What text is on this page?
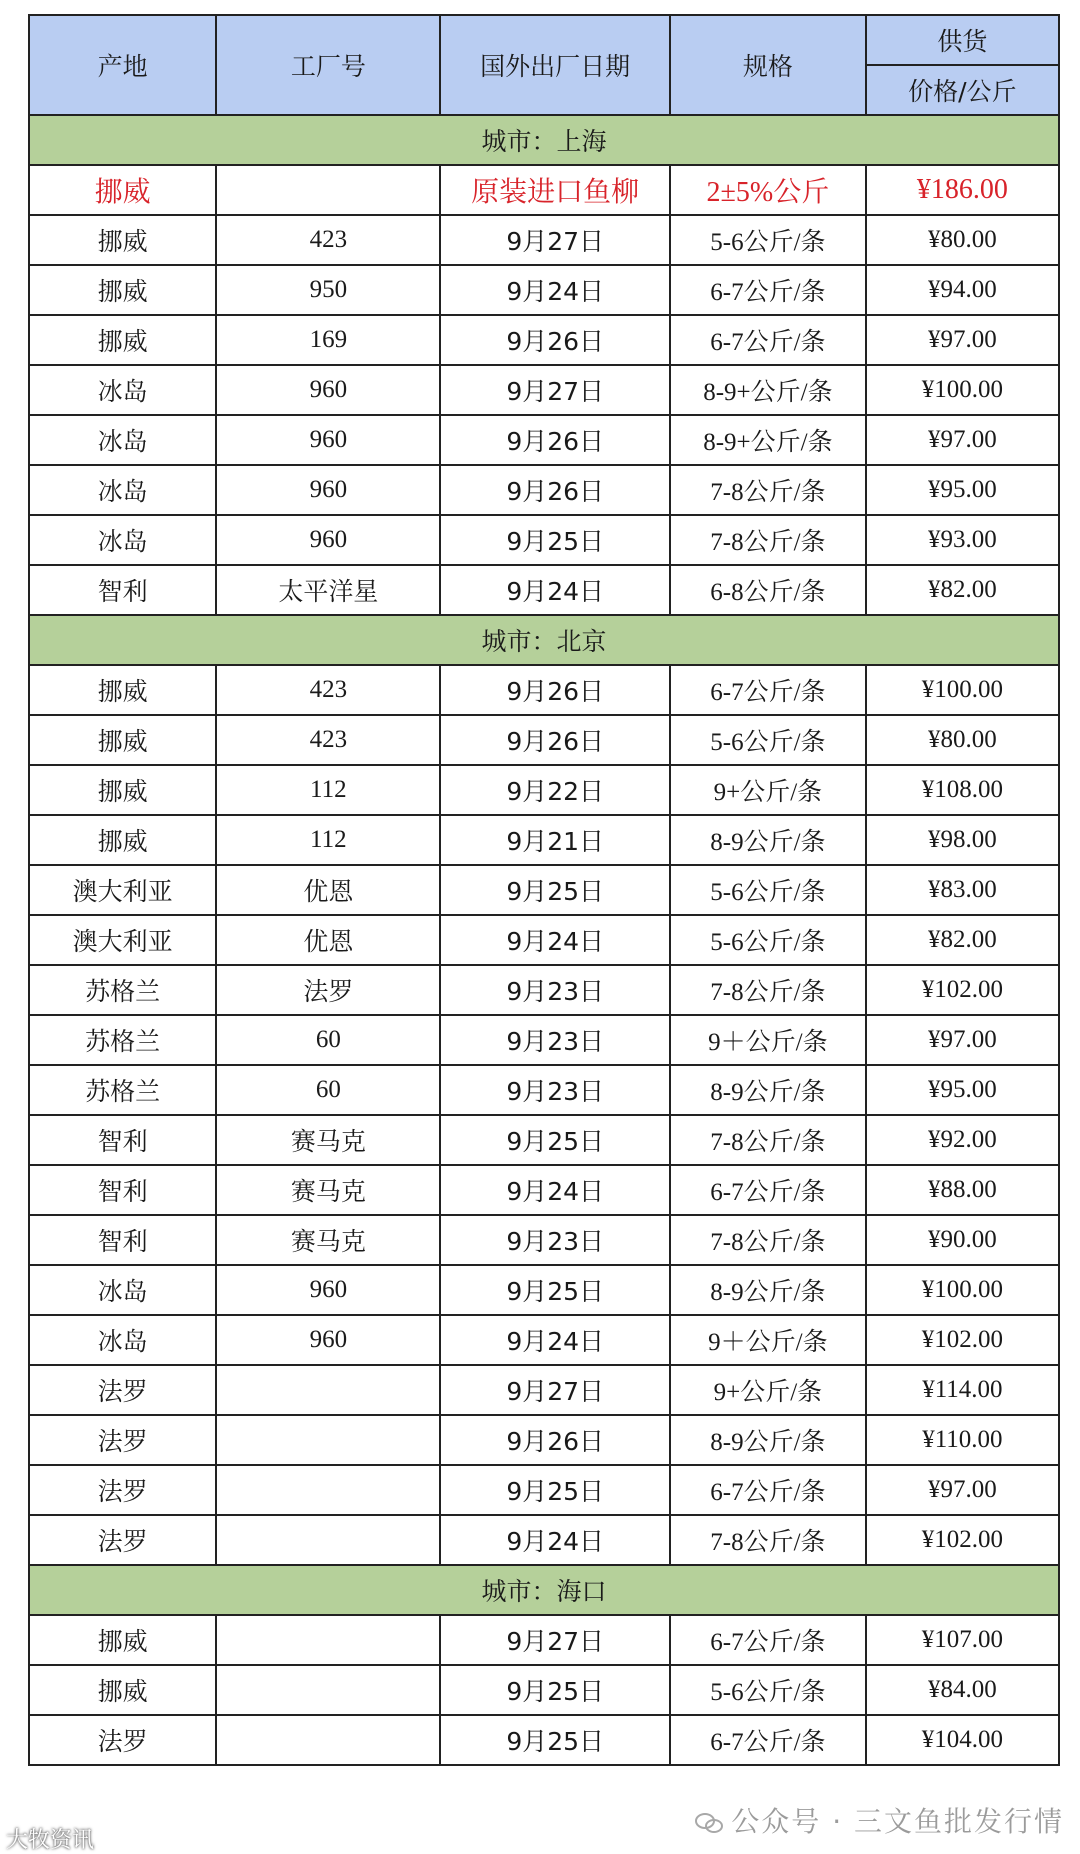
产地	工厂号	国外出厂日期	规格	供货
				价格/公斤
城市：上海				
挪威		原装进口鱼柳	2±5%公斤	¥186.00
挪威	423	9月27日	5-6公斤/条	¥80.00
挪威	950	9月24日	6-7公斤/条	¥94.00
挪威	169	9月26日	6-7公斤/条	¥97.00
冰岛	960	9月27日	8-9+公斤/条	¥100.00
冰岛	960	9月26日	8-9+公斤/条	¥97.00
冰岛	960	9月26日	7-8公斤/条	¥95.00
冰岛	960	9月25日	7-8公斤/条	¥93.00
智利	太平洋星	9月24日	6-8公斤/条	¥82.00
城市：北京				
挪威	423	9月26日	6-7公斤/条	¥100.00
挪威	423	9月26日	5-6公斤/条	¥80.00
挪威	112	9月22日	9+公斤/条	¥108.00
挪威	112	9月21日	8-9公斤/条	¥98.00
澳大利亚	优恩	9月25日	5-6公斤/条	¥83.00
澳大利亚	优恩	9月24日	5-6公斤/条	¥82.00
苏格兰	法罗	9月23日	7-8公斤/条	¥102.00
苏格兰	60	9月23日	9＋公斤/条	¥97.00
苏格兰	60	9月23日	8-9公斤/条	¥95.00
智利	赛马克	9月25日	7-8公斤/条	¥92.00
智利	赛马克	9月24日	6-7公斤/条	¥88.00
智利	赛马克	9月23日	7-8公斤/条	¥90.00
冰岛	960	9月25日	8-9公斤/条	¥100.00
冰岛	960	9月24日	9＋公斤/条	¥102.00
法罗		9月27日	9+公斤/条	¥114.00
法罗		9月26日	8-9公斤/条	¥110.00
法罗		9月25日	6-7公斤/条	¥97.00
法罗		9月24日	7-8公斤/条	¥102.00
城市：海口				
挪威		9月27日	6-7公斤/条	¥107.00
挪威		9月25日	5-6公斤/条	¥84.00
法罗		9月25日	6-7公斤/条	¥104.00
大牧资讯
公众号 · 三文鱼批发行情
